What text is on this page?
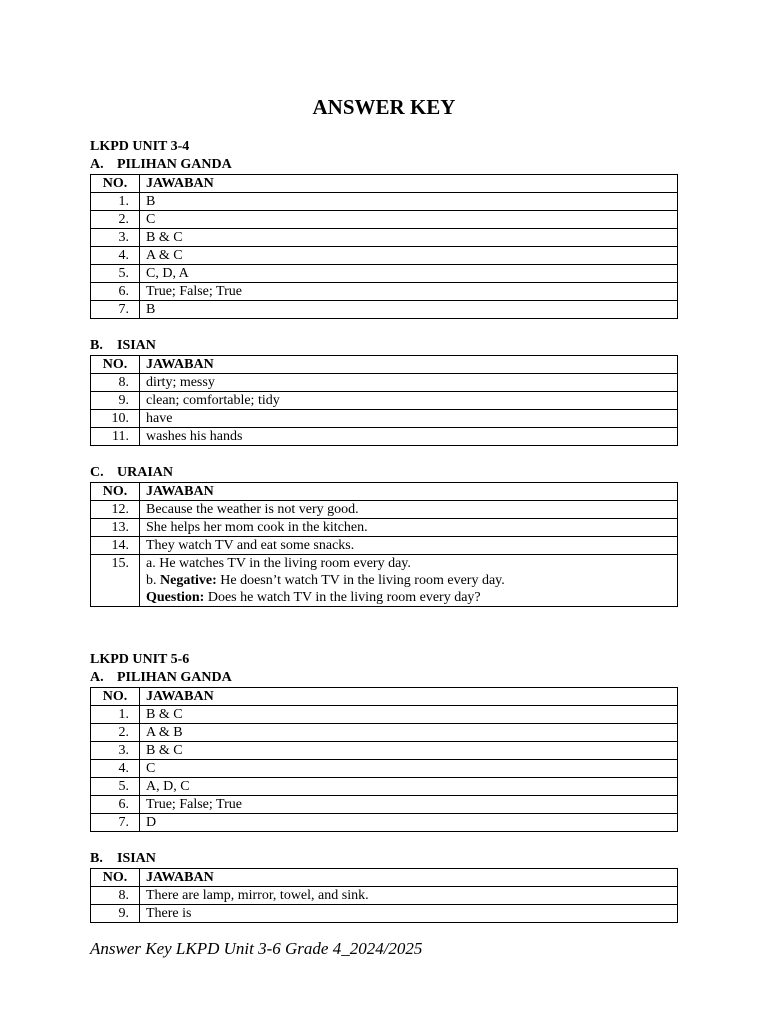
ANSWER KEY
LKPD UNIT 3-4
A. PILIHAN GANDA
NO.	JAWABAN
1.	B
2.	C
3.	B & C
4.	A & C
5.	C, D, A
6.	True; False; True
7.	B
B. ISIAN
NO.	JAWABAN
8.	dirty; messy
9.	clean; comfortable; tidy
10.	have
11.	washes his hands
C. URAIAN
NO.	JAWABAN
12.	Because the weather is not very good.
13.	She helps her mom cook in the kitchen.
14.	They watch TV and eat some snacks.
15.	a. He watches TV in the living room every day.
b. Negative: He doesn’t watch TV in the living room every day.
Question: Does he watch TV in the living room every day?
LKPD UNIT 5-6
A. PILIHAN GANDA
NO.	JAWABAN
1.	B & C
2.	A & B
3.	B & C
4.	C
5.	A, D, C
6.	True; False; True
7.	D
B. ISIAN
NO.	JAWABAN
8.	There are lamp, mirror, towel, and sink.
9.	There is
Answer Key LKPD Unit 3-6 Grade 4_2024/2025
